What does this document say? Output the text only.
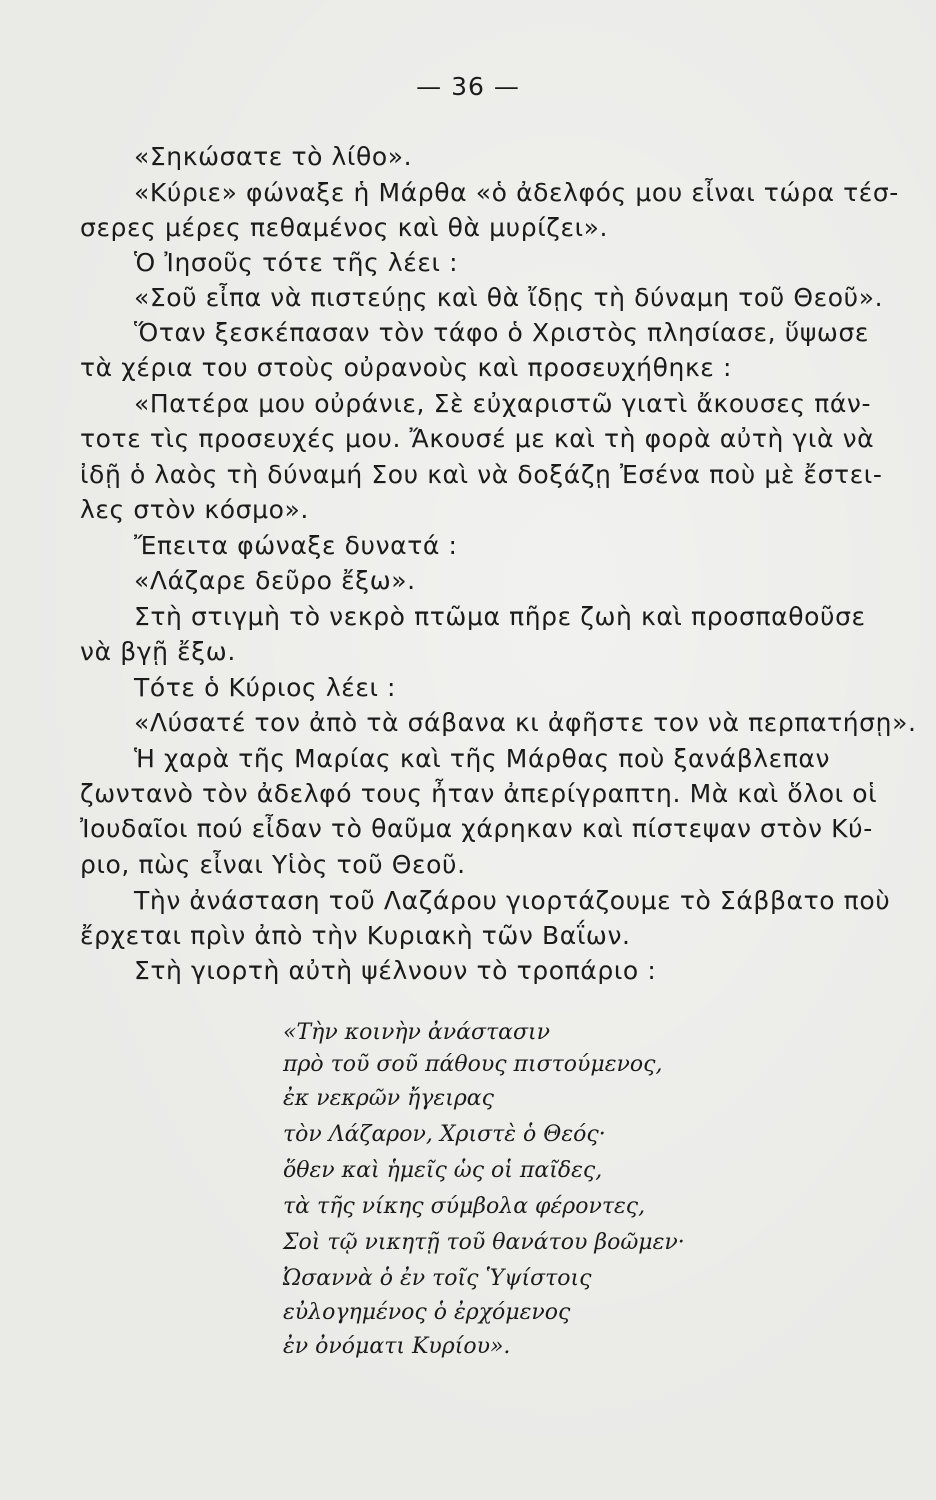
— 36 —
«Σηκώσατε τὸ λίθο».
«Κύριε» φώναξε ἡ Μάρθα «ὁ ἀδελφός μου εἶναι τώρα τέσ-
σερες μέρες πεθαμένος καὶ θὰ μυρίζει».
Ὁ Ἰησοῦς τότε τῆς λέει :
«Σοῦ εἶπα νὰ πιστεύῃς καὶ θὰ ἴδῃς τὴ δύναμη τοῦ Θεοῦ».
Ὅταν ξεσκέπασαν τὸν τάφο ὁ Χριστὸς πλησίασε, ὕψωσε
τὰ χέρια του στοὺς οὐρανοὺς καὶ προσευχήθηκε :
«Πατέρα μου οὐράνιε, Σὲ εὐχαριστῶ γιατὶ ἄκουσες πάν-
τοτε τὶς προσευχές μου. Ἄκουσέ με καὶ τὴ φορὰ αὐτὴ γιὰ νὰ
ἰδῇ ὁ λαὸς τὴ δύναμή Σου καὶ νὰ δοξάζῃ Ἐσένα ποὺ μὲ ἔστει-
λες στὸν κόσμο».
Ἔπειτα φώναξε δυνατά :
«Λάζαρε δεῦρο ἔξω».
Στὴ στιγμὴ τὸ νεκρὸ πτῶμα πῆρε ζωὴ καὶ προσπαθοῦσε
νὰ βγῇ ἔξω.
Τότε ὁ Κύριος λέει :
«Λύσατέ τον ἀπὸ τὰ σάβανα κι ἀφῆστε τον νὰ περπατήσῃ».
Ἡ χαρὰ τῆς Μαρίας καὶ τῆς Μάρθας ποὺ ξανάβλεπαν
ζωντανὸ τὸν ἀδελφό τους ἦταν ἀπερίγραπτη. Μὰ καὶ ὅλοι οἱ
Ἰουδαῖοι πού εἶδαν τὸ θαῦμα χάρηκαν καὶ πίστεψαν στὸν Κύ-
ριο, πὼς εἶναι Υἱὸς τοῦ Θεοῦ.
Τὴν ἀνάσταση τοῦ Λαζάρου γιορτάζουμε τὸ Σάββατο ποὺ
ἔρχεται πρὶν ἀπὸ τὴν Κυριακὴ τῶν Βαΐων.
Στὴ γιορτὴ αὐτὴ ψέλνουν τὸ τροπάριο :
«Τὴν κοινὴν ἀνάστασιν
πρὸ τοῦ σοῦ πάθους πιστούμενος,
ἐκ νεκρῶν ἤγειρας
τὸν Λάζαρον, Χριστὲ ὁ Θεός·
ὅθεν καὶ ἡμεῖς ὡς οἱ παῖδες,
τὰ τῆς νίκης σύμβολα φέροντες,
Σοὶ τῷ νικητῇ τοῦ θανάτου βοῶμεν·
Ὠσαννὰ ὁ ἐν τοῖς Ὑψίστοις
εὐλογημένος ὁ ἐρχόμενος
ἐν ὀνόματι Κυρίου».
